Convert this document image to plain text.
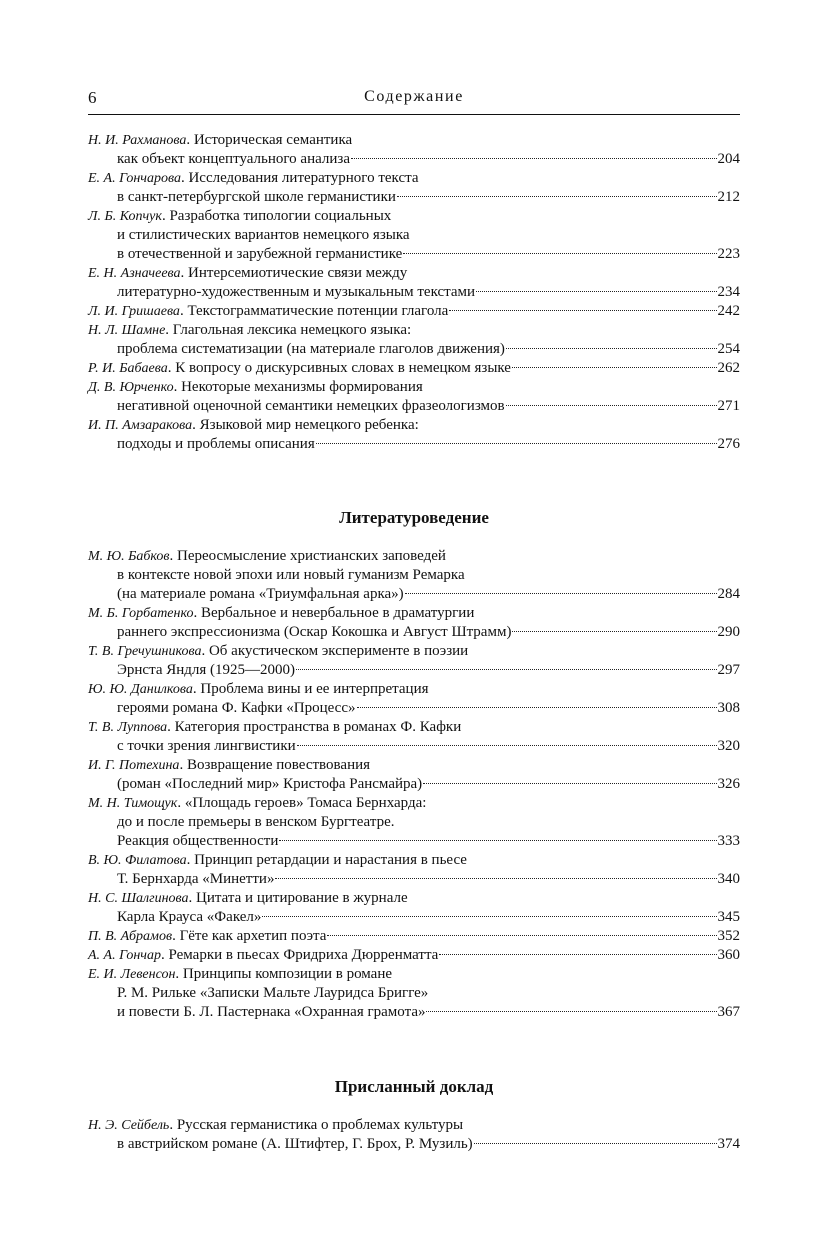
6	Содержание
Н. И. Рахманова . Историческая семантика
как объект концептуального анализа	204
Е. А. Гончарова . Исследования литературного текста
в санкт-петербургской школе германистики	212
Л. Б. Копчук . Разработка типологии социальных
и стилистических вариантов немецкого языка
в отечественной и зарубежной германистике	223
Е. Н. Азначеева . Интерсемиотические связи между
литературно-художественным и музыкальным текстами	234
Л. И. Гришаева . Текстограмматические потенции глагола	242
Н. Л. Шамне . Глагольная лексика немецкого языка:
проблема систематизации (на материале глаголов движения)	254
Р. И. Бабаева . К вопросу о дискурсивных словах в немецком языке	262
Д. В. Юрченко . Некоторые механизмы формирования
негативной оценочной семантики немецких фразеологизмов	271
И. П. Амзаракова . Языковой мир немецкого ребенка:
подходы и проблемы описания	276
Литературоведение
М. Ю. Бабков . Переосмысление христианских заповедей
в контексте новой эпохи или новый гуманизм Ремарка
(на материале романа «Триумфальная арка»)	284
М. Б. Горбатенко . Вербальное и невербальное в драматургии
раннего экспрессионизма (Оскар Кокошка и Август Штрамм)	290
Т. В. Гречушникова . Об акустическом эксперименте в поэзии
Эрнста Яндля (1925—2000)	297
Ю. Ю. Данилкова . Проблема вины и ее интерпретация
героями романа Ф. Кафки «Процесс»	308
Т. В. Луппова . Категория пространства в романах Ф. Кафки
с точки зрения лингвистики	320
И. Г. Потехина . Возвращение повествования
(роман «Последний мир» Кристофа Рансмайра)	326
М. Н. Тимощук . «Площадь героев» Томаса Бернхарда:
до и после премьеры в венском Бургтеатре.
Реакция общественности	333
В. Ю. Филатова . Принцип ретардации и нарастания в пьесе
Т. Бернхарда «Минетти»	340
Н. С. Шалгинова . Цитата и цитирование в журнале
Карла Крауса «Факел»	345
П. В. Абрамов . Гёте как архетип поэта	352
А. А. Гончар . Ремарки в пьесах Фридриха Дюрренматта	360
Е. И. Левенсон . Принципы композиции в романе
Р. М. Рильке «Записки Мальте Лауридса Бригге»
и повести Б. Л. Пастернака «Охранная грамота»	367
Присланный доклад
Н. Э. Сейбель . Русская германистика о проблемах культуры
в австрийском романе (А. Штифтер, Г. Брох, Р. Музиль)	374
